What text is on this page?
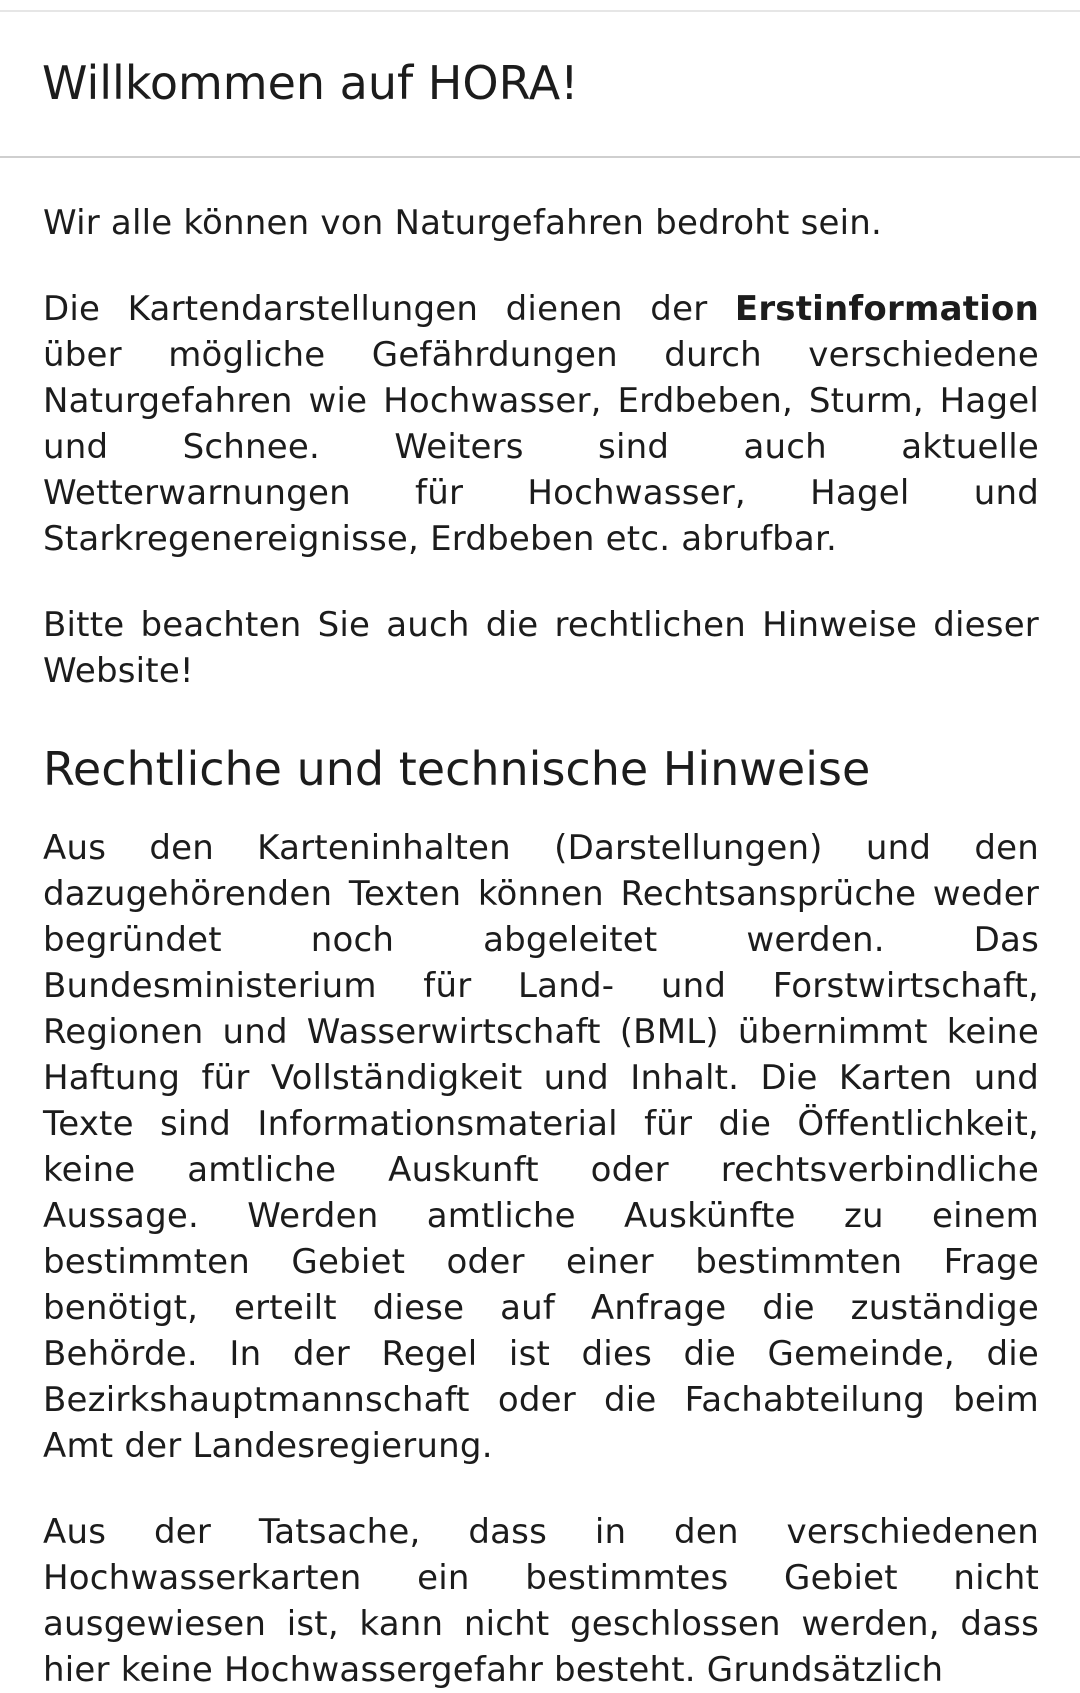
Willkommen auf HORA!

Wir alle können von Naturgefahren bedroht sein.

Die Kartendarstellungen dienen der Erstinformation über mögliche Gefährdungen durch verschiedene Naturgefahren wie Hochwasser, Erdbeben, Sturm, Hagel und Schnee. Weiters sind auch aktuelle Wetterwarnungen für Hochwasser, Hagel und Starkregenereignisse, Erdbeben etc. abrufbar.

Bitte beachten Sie auch die rechtlichen Hinweise dieser Website!

Rechtliche und technische Hinweise

Aus den Karteninhalten (Darstellungen) und den dazugehörenden Texten können Rechtsansprüche weder begründet noch abgeleitet werden. Das Bundesministerium für Land- und Forstwirtschaft, Regionen und Wasserwirtschaft (BML) übernimmt keine Haftung für Vollständigkeit und Inhalt. Die Karten und Texte sind Informationsmaterial für die Öffentlichkeit, keine amtliche Auskunft oder rechtsverbindliche Aussage. Werden amtliche Auskünfte zu einem bestimmten Gebiet oder einer bestimmten Frage benötigt, erteilt diese auf Anfrage die zuständige Behörde. In der Regel ist dies die Gemeinde, die Bezirkshauptmannschaft oder die Fachabteilung beim Amt der Landesregierung.

Aus der Tatsache, dass in den verschiedenen Hochwasserkarten ein bestimmtes Gebiet nicht ausgewiesen ist, kann nicht geschlossen werden, dass hier keine Hochwassergefahr besteht. Grundsätzlich
